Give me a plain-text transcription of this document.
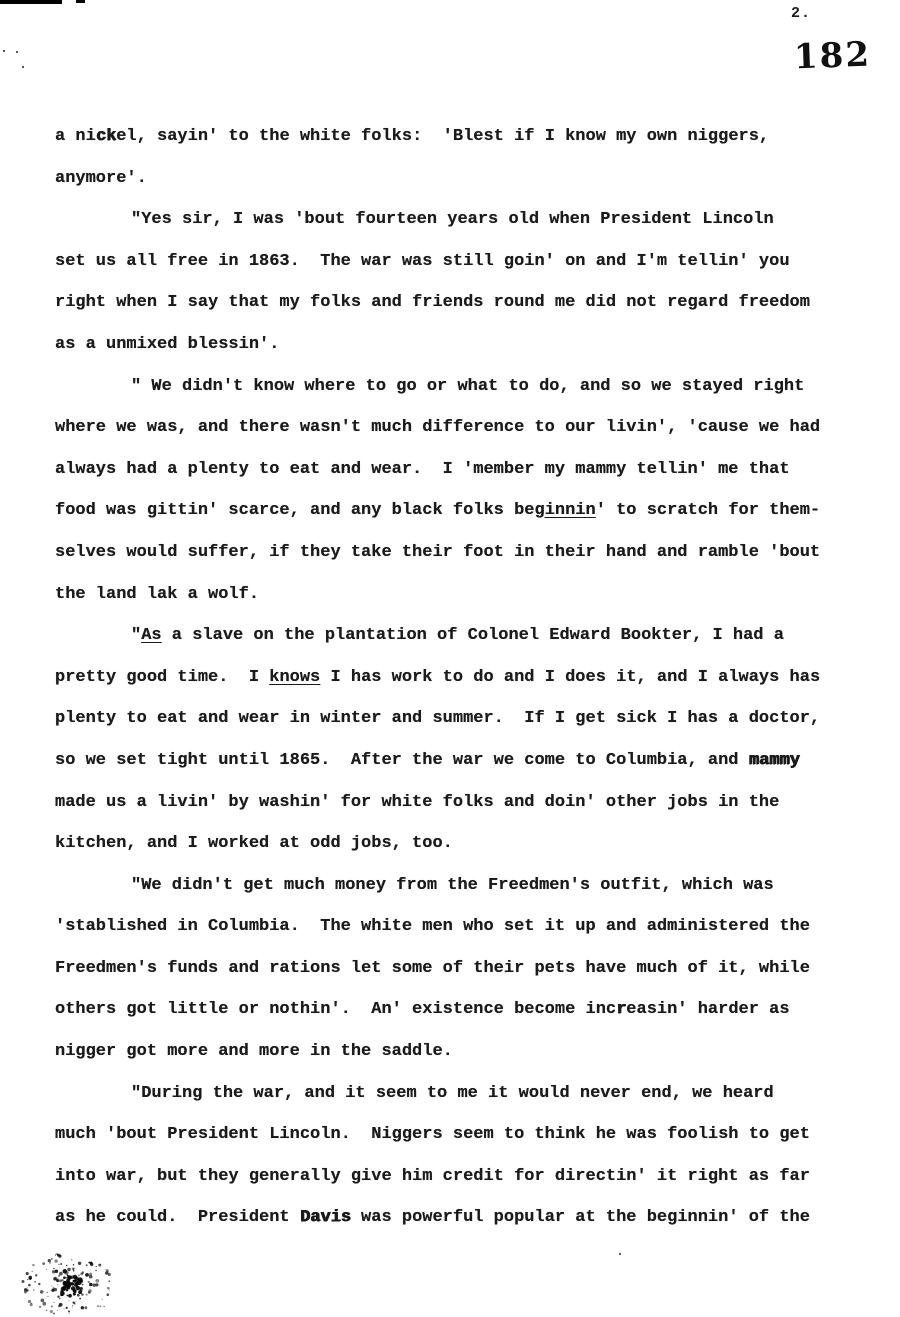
2.
182
a nickel, sayin' to the white folks:  'Blest if I know my own niggers,
anymore'.
"Yes sir, I was 'bout fourteen years old when President Lincoln
set us all free in 1863.  The war was still goin' on and I'm tellin' you
right when I say that my folks and friends round me did not regard freedom
as a unmixed blessin'.
" We didn't know where to go or what to do, and so we stayed right
where we was, and there wasn't much difference to our livin', 'cause we had
always had a plenty to eat and wear.  I 'member my mammy tellin' me that
food was gittin' scarce, and any black folks beginnin' to scratch for them-
selves would suffer, if they take their foot in their hand and ramble 'bout
the land lak a wolf.
"As a slave on the plantation of Colonel Edward Bookter, I had a
pretty good time.  I knows I has work to do and I does it, and I always has
plenty to eat and wear in winter and summer.  If I get sick I has a doctor,
so we set tight until 1865.  After the war we come to Columbia, and mammy
made us a livin' by washin' for white folks and doin' other jobs in the
kitchen, and I worked at odd jobs, too.
"We didn't get much money from the Freedmen's outfit, which was
'stablished in Columbia.  The white men who set it up and administered the
Freedmen's funds and rations let some of their pets have much of it, while
others got little or nothin'.  An' existence become increasin' harder as
nigger got more and more in the saddle.
"During the war, and it seem to me it would never end, we heard
much 'bout President Lincoln.  Niggers seem to think he was foolish to get
into war, but they generally give him credit for directin' it right as far
as he could.  President Davis was powerful popular at the beginnin' of the
